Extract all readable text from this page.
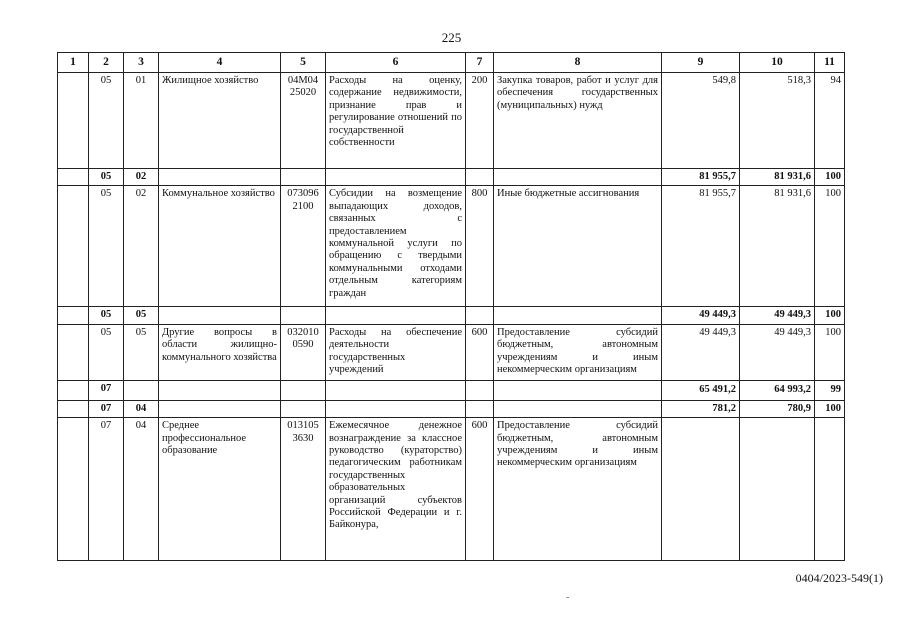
225
1	2	3	4	5	6	7	8	9	10	11
	05	01	Жилищное хозяйство	04М04 25020	Расходы на оценку, содержание недвижимости, признание прав и регулирование отношений по государственной собственности	200	Закупка товаров, работ и услуг для обеспечения государственных (муниципальных) нужд	549,8	518,3	94
	05	02						81 955,7	81 931,6	100
	05	02	Коммунальное хозяйство	073096 2100	Субсидии на возмещение выпадающих доходов, связанных с предоставлением коммунальной услуги по обращению с твердыми коммунальными отходами отдельным категориям граждан	800	Иные бюджетные ассигнования	81 955,7	81 931,6	100
	05	05						49 449,3	49 449,3	100
	05	05	Другие вопросы в области жилищно-коммунального хозяйства	032010 0590	Расходы на обеспечение деятельности государственных учреждений	600	Предоставление субсидий бюджетным, автономным учреждениям и иным некоммерческим организациям	49 449,3	49 449,3	100
	07							65 491,2	64 993,2	99
	07	04						781,2	780,9	100
	07	04	Среднее профессиональное образование	013105 3630	Ежемесячное денежное вознаграждение за классное руководство (кураторство) педагогическим работникам государственных образовательных организаций субъектов Российской Федерации и г. Байконура,	600	Предоставление субсидий бюджетным, автономным учреждениям и иным некоммерческим организациям			
0404/2023-549(1)
-
